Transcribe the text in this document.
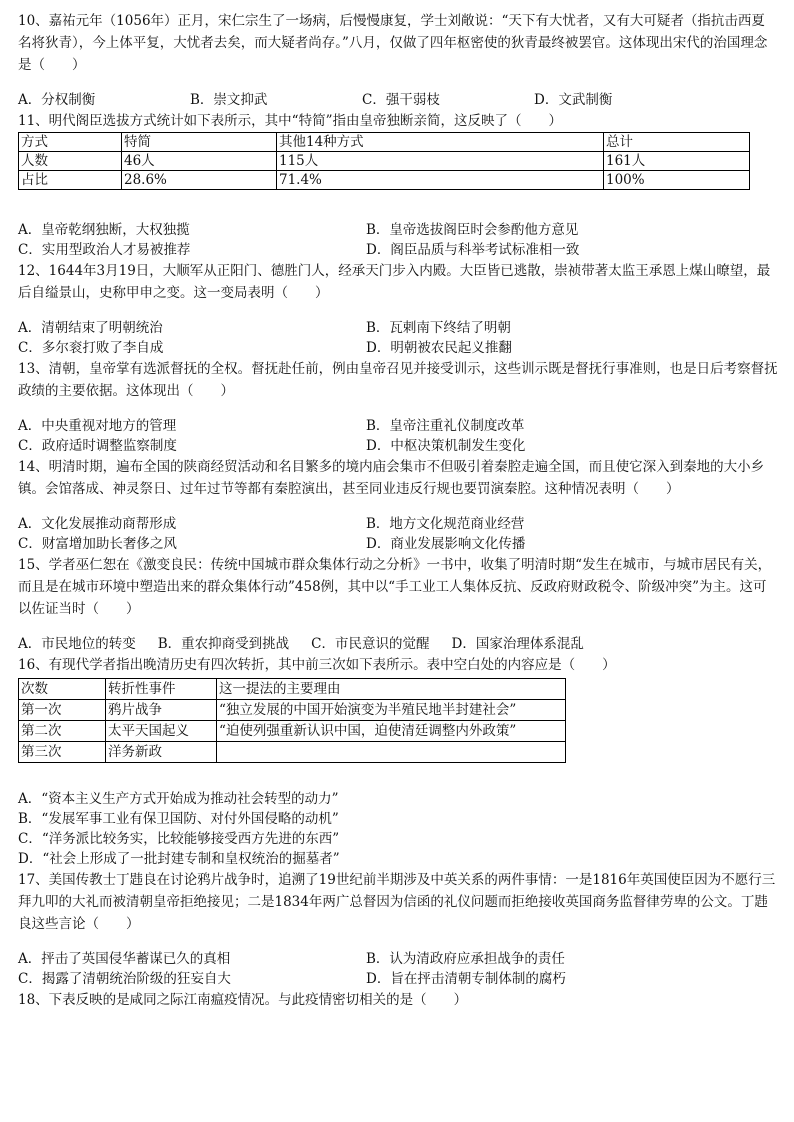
10、嘉祐元年（1056年）正月，宋仁宗生了一场病，后慢慢康复，学士刘敞说：“天下有大忧者，又有大可疑者（指抗击西夏名将狄青），今上体平复，大忧者去矣，而大疑者尚存。”八月，仅做了四年枢密使的狄青最终被罢官。这体现出宋代的治国理念是（　　）

A．分权制衡	B．崇文抑武	C．强干弱枝	D．文武制衡

11、明代阁臣选拔方式统计如下表所示，其中“特简”指由皇帝独断亲简，这反映了（　　）

方式	特简	其他14种方式	总计
人数	46人	115人	161人
占比	28.6%	71.4%	100%
A．皇帝乾纲独断，大权独揽	B．皇帝选拔阁臣时会参酌他方意见
C．实用型政治人才易被推荐	D．阁臣品质与科举考试标准相一致

12、1644年3月19日，大顺军从正阳门、德胜门人，经承天门步入内殿。大臣皆已逃散，崇祯带著太监王承恩上煤山暸望，最后自缢景山，史称甲申之变。这一变局表明（　　）

A．清朝结束了明朝统治	B．瓦剌南下终结了明朝
C．多尔衮打败了李自成	D．明朝被农民起义推翻

13、清朝，皇帝掌有选派督抚的全权。督抚赴任前，例由皇帝召见并接受训示，这些训示既是督抚行事准则，也是日后考察督抚政绩的主要依据。这体现出（　　）

A．中央重视对地方的管理	B．皇帝注重礼仪制度改革
C．政府适时调整监察制度	D．中枢决策机制发生变化

14、明清时期，遍布全国的陕商经贸活动和名目繁多的境内庙会集市不但吸引着秦腔走遍全国，而且使它深入到秦地的大小乡镇。会馆落成、神灵祭日、过年过节等都有秦腔演出，甚至同业违反行规也要罚演秦腔。这种情况表明（　　）

A．文化发展推动商帮形成	B．地方文化规范商业经营
C．财富增加助长奢侈之风	D．商业发展影响文化传播

15、学者巫仁恕在《激变良民：传统中国城市群众集体行动之分析》一书中，收集了明清时期“发生在城市，与城市居民有关，而且是在城市环境中塑造出来的群众集体行动”458例，其中以“手工业工人集体反抗、反政府财政税令、阶级冲突”为主。这可以佐证当时（　　）

A．市民地位的转变 B．重农抑商受到挑战 C．市民意识的觉醒 D．国家治理体系混乱

16、有现代学者指出晚清历史有四次转折，其中前三次如下表所示。表中空白处的内容应是（　　）

次数	转折性事件	这一提法的主要理由
第一次	鸦片战争	“独立发展的中国开始演变为半殖民地半封建社会”
第二次	太平天国起义	“迫使列强重新认识中国，迫使清廷调整内外政策”
第三次	洋务新政	
A．“资本主义生产方式开始成为推动社会转型的动力”
B．“发展军事工业有保卫国防、对付外国侵略的动机”
C．“洋务派比较务实，比较能够接受西方先进的东西”
D．“社会上形成了一批封建专制和皇权统治的掘墓者”

17、美国传教士丁韪良在讨论鸦片战争时，追溯了19世纪前半期涉及中英关系的两件事情：一是1816年英国使臣因为不愿行三拜九叩的大礼而被清朝皇帝拒绝接见；二是1834年两广总督因为信函的礼仪问题而拒绝接收英国商务监督律劳卑的公文。丁韪良这些言论（　　）

A．抨击了英国侵华蓄谋已久的真相	B．认为清政府应承担战争的责任
C．揭露了清朝统治阶级的狂妄自大	D．旨在抨击清朝专制体制的腐朽

18、下表反映的是咸同之际江南瘟疫情况。与此疫情密切相关的是（　　）
